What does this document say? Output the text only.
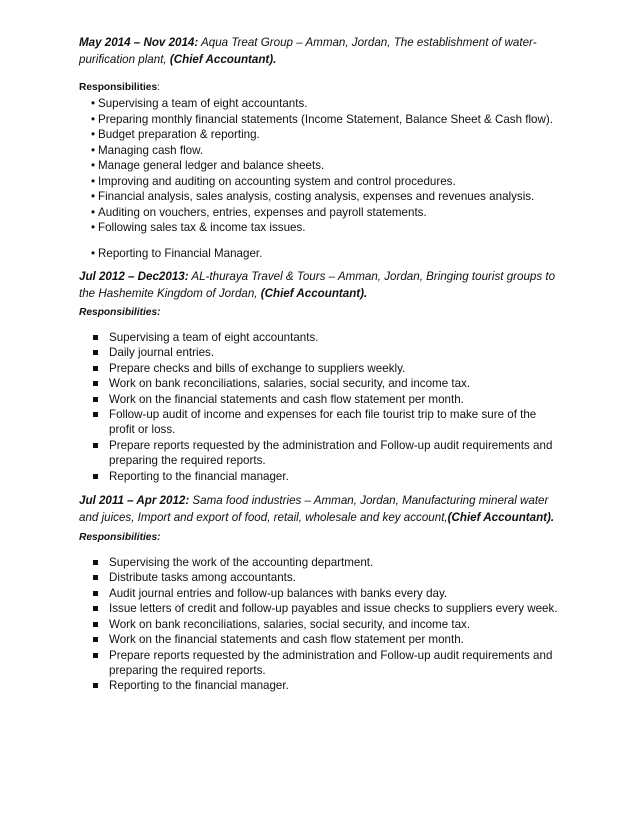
May 2014 – Nov 2014: Aqua Treat Group – Amman, Jordan, The establishment of water-purification plant, (Chief Accountant).

Responsibilities:

• Supervising a team of eight accountants.
• Preparing monthly financial statements (Income Statement, Balance Sheet & Cash flow).
• Budget preparation & reporting.
• Managing cash flow.
• Manage general ledger and balance sheets.
• Improving and auditing on accounting system and control procedures.
• Financial analysis, sales analysis, costing analysis, expenses and revenues analysis.
• Auditing on vouchers, entries, expenses and payroll statements.
• Following sales tax & income tax issues.
• Reporting to Financial Manager.

Jul 2012 – Dec2013: AL-thuraya Travel & Tours – Amman, Jordan, Bringing tourist groups to the Hashemite Kingdom of Jordan, (Chief Accountant).

Responsibilities:

Supervising a team of eight accountants.
Daily journal entries.
Prepare checks and bills of exchange to suppliers weekly.
Work on bank reconciliations, salaries, social security, and income tax.
Work on the financial statements and cash flow statement per month.
Follow-up audit of income and expenses for each file tourist trip to make sure of the profit or loss.
Prepare reports requested by the administration and Follow-up audit requirements and preparing the required reports.
Reporting to the financial manager.

Jul 2011 – Apr 2012: Sama food industries – Amman, Jordan, Manufacturing mineral water and juices, Import and export of food, retail, wholesale and key account,(Chief Accountant).

Responsibilities:

Supervising the work of the accounting department.
Distribute tasks among accountants.
Audit journal entries and follow-up balances with banks every day.
Issue letters of credit and follow-up payables and issue checks to suppliers every week.
Work on bank reconciliations, salaries, social security, and income tax.
Work on the financial statements and cash flow statement per month.
Prepare reports requested by the administration and Follow-up audit requirements and preparing the required reports.
Reporting to the financial manager.
